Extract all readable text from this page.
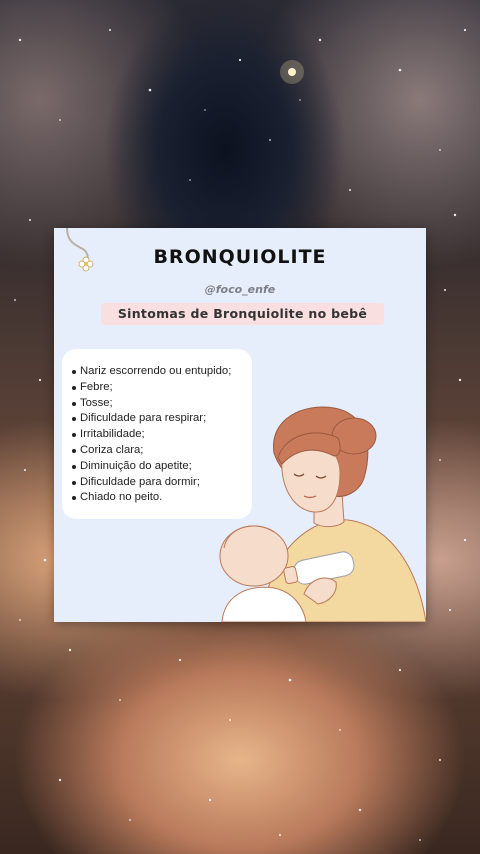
BRONQUIOLITE
@foco_enfe
Sintomas de Bronquiolite no bebê
Nariz escorrendo ou entupido;
Febre;
Tosse;
Dificuldade para respirar;
Irritabilidade;
Coriza clara;
Diminuição do apetite;
Dificuldade para dormir;
Chiado no peito.
